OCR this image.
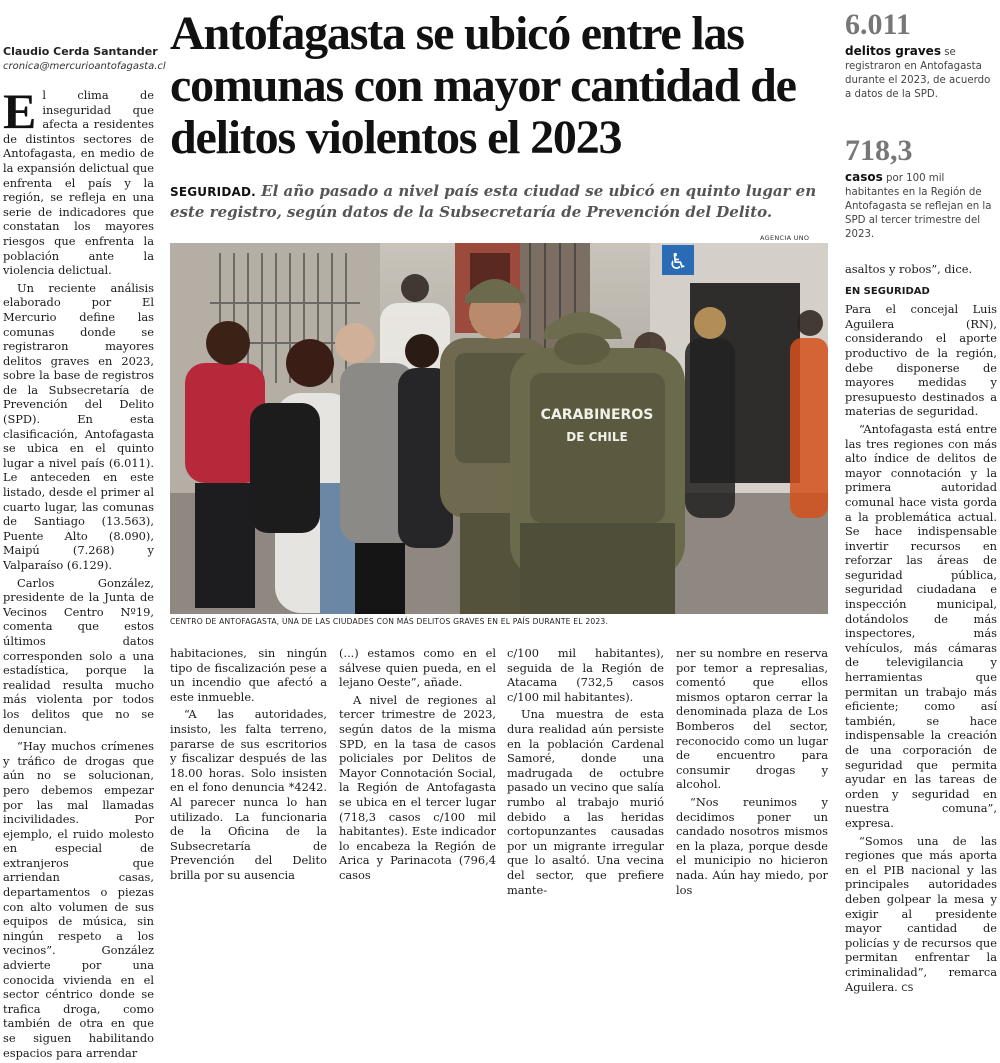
Claudio Cerda Santander
cronica@mercurioantofagasta.cl
Antofagasta se ubicó entre las comunas con mayor cantidad de delitos violentos el 2023
SEGURIDAD. El año pasado a nivel país esta ciudad se ubicó en quinto lugar en este registro, según datos de la Subsecretaría de Prevención del Delito.
AGENCIA UNO
♿
CARABINEROS
DE CHILE
CENTRO DE ANTOFAGASTA, UNA DE LAS CIUDADES CON MÁS DELITOS GRAVES EN EL PAÍS DURANTE EL 2023.

El clima de inseguridad que afecta a residentes de distintos sectores de Antofagasta, en medio de la expansión delictual que enfrenta el país y la región, se refleja en una serie de indicadores que constatan los mayores riesgos que enfrenta la población ante la violencia delictual.

Un reciente análisis elaborado por El Mercurio define las comunas donde se registraron mayores delitos graves en 2023, sobre la base de registros de la Subsecretaría de Prevención del Delito (SPD). En esta clasificación, Antofagasta se ubica en el quinto lugar a nivel país (6.011). Le anteceden en este listado, desde el primer al cuarto lugar, las comunas de Santiago (13.563), Puente Alto (8.090), Maipú (7.268) y Valparaíso (6.129).

Carlos González, presidente de la Junta de Vecinos Centro Nº19, comenta que estos últimos datos corresponden solo a una estadística, porque la realidad resulta mucho más violenta por todos los delitos que no se denuncian.

“Hay muchos crímenes y tráfico de drogas que aún no se solucionan, pero debemos empezar por las mal llamadas incivilidades. Por ejemplo, el ruido molesto en especial de extranjeros que arriendan casas, departamentos o piezas con alto volumen de sus equipos de música, sin ningún respeto a los vecinos”. González advierte por una conocida vivienda en el sector céntrico donde se trafica droga, como también de otra en que se siguen habilitando espacios para arrendar

habitaciones, sin ningún tipo de fiscalización pese a un incendio que afectó a este inmueble.

“A las autoridades, insisto, les falta terreno, pararse de sus escritorios y fiscalizar después de las 18.00 horas. Solo insisten en el fono denuncia *4242. Al parecer nunca lo han utilizado. La funcionaria de la Oficina de la Subsecretaría de Prevención del Delito brilla por su ausencia

(...) estamos como en el sálvese quien pueda, en el lejano Oeste”, añade.

A nivel de regiones al tercer trimestre de 2023, según datos de la misma SPD, en la tasa de casos policiales por Delitos de Mayor Connotación Social, la Región de Antofagasta se ubica en el tercer lugar (718,3 casos c/100 mil habitantes). Este indicador lo encabeza la Región de Arica y Parinacota (796,4 casos

c/100 mil habitantes), seguida de la Región de Atacama (732,5 casos c/100 mil habitantes).

Una muestra de esta dura realidad aún persiste en la población Cardenal Samoré, donde una madrugada de octubre pasado un vecino que salía rumbo al trabajo murió debido a las heridas cortopunzantes causadas por un migrante irregular que lo asaltó. Una vecina del sector, que prefiere mante-

ner su nombre en reserva por temor a represalias, comentó que ellos mismos optaron cerrar la denominada plaza de Los Bomberos del sector, reconocido como un lugar de encuentro para consumir drogas y alcohol.

“Nos reunimos y decidimos poner un candado nosotros mismos en la plaza, porque desde el municipio no hicieron nada. Aún hay miedo, por los

6.011
delitos graves se registraron en Antofagasta durante el 2023, de acuerdo a datos de la SPD.
718,3
casos por 100 mil habitantes en la Región de Antofagasta se reflejan en la SPD al tercer trimestre del 2023.

asaltos y robos”, dice.

EN SEGURIDAD

Para el concejal Luis Aguilera (RN), considerando el aporte productivo de la región, debe disponerse de mayores medidas y presupuesto destinados a materias de seguridad.

“Antofagasta está entre las tres regiones con más alto índice de delitos de mayor connotación y la primera autoridad comunal hace vista gorda a la problemática actual. Se hace indispensable invertir recursos en reforzar las áreas de seguridad pública, seguridad ciudadana e inspección municipal, dotándolos de más inspectores, más vehículos, más cámaras de televigilancia y herramientas que permitan un trabajo más eficiente; como así también, se hace indispensable la creación de una corporación de seguridad que permita ayudar en las tareas de orden y seguridad en nuestra comuna”, expresa.

“Somos una de las regiones que más aporta en el PIB nacional y las principales autoridades deben golpear la mesa y exigir al presidente mayor cantidad de policías y de recursos que permitan enfrentar la criminalidad”, remarca Aguilera. CS
